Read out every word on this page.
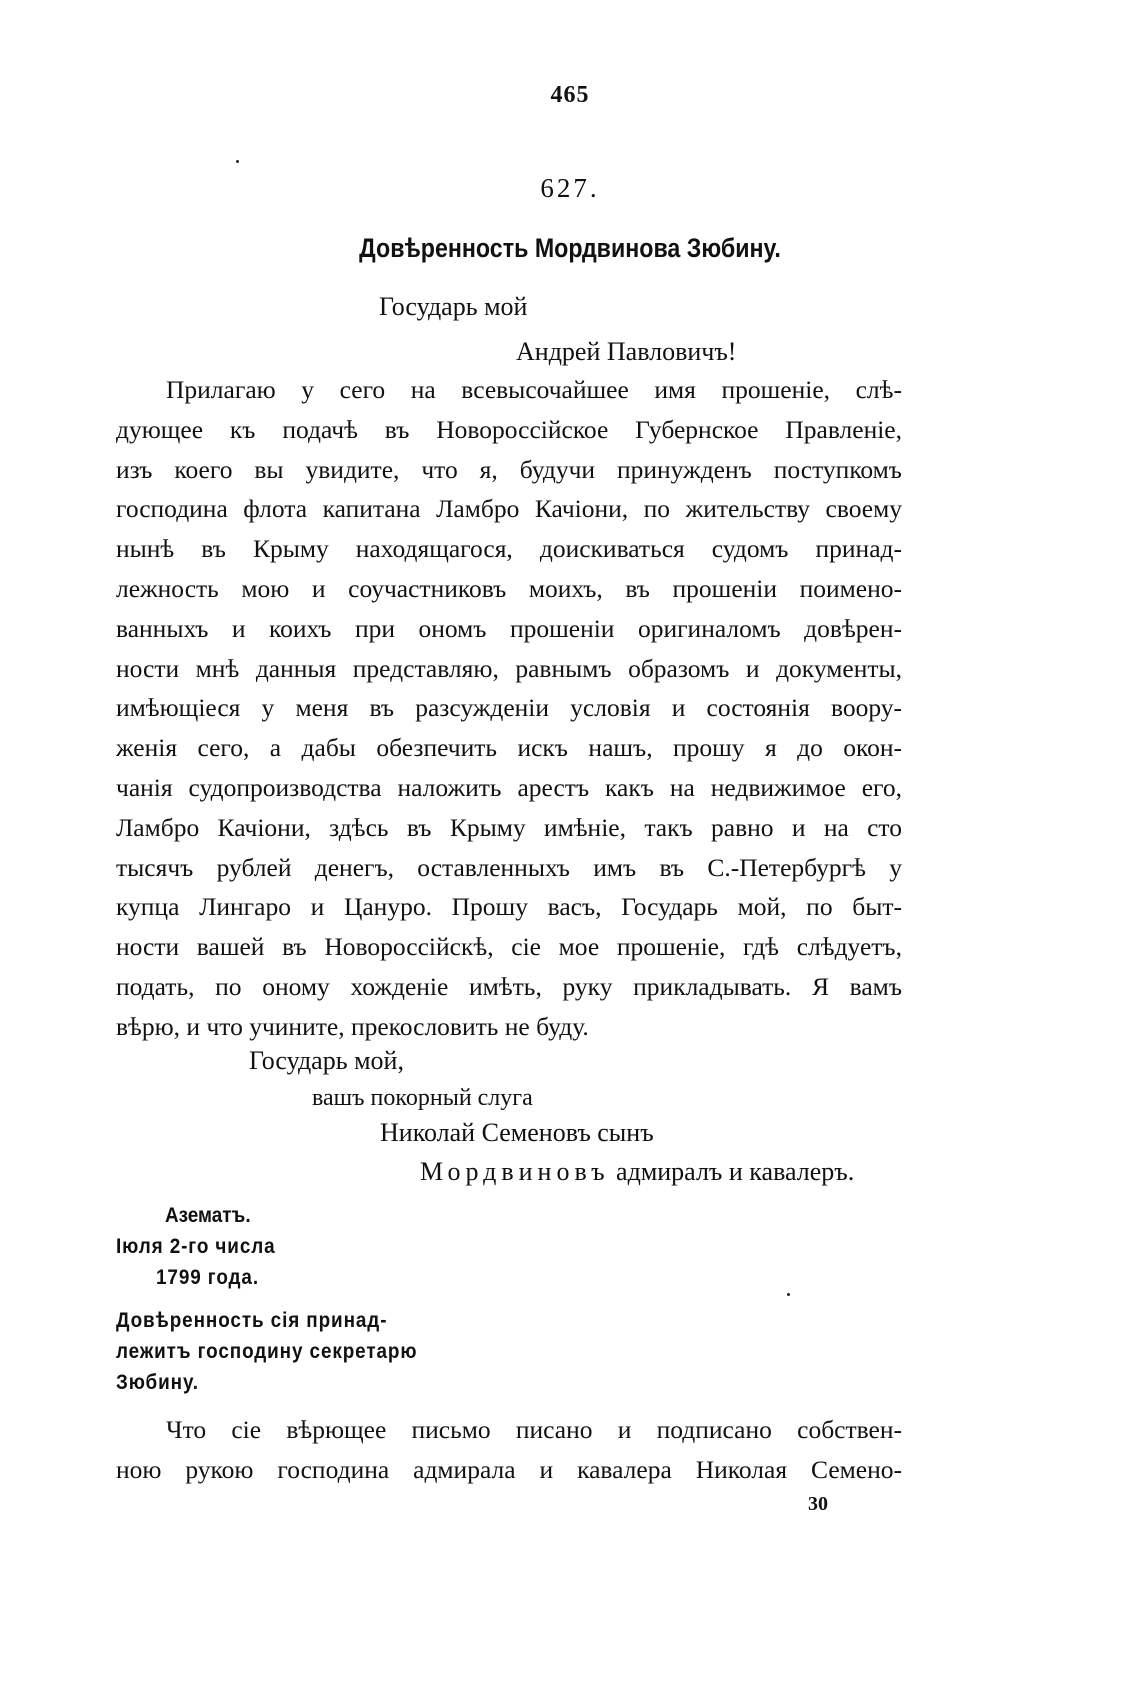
465
627.
Довѣренность Мордвинова Зюбину.
Государь мой
Андрей Павловичъ!
Прилагаю у сего на всевысочайшее имя прошеніе, слѣ-
дующее къ подачѣ въ Новороссійское Губернское Правленіе,
изъ коего вы увидите, что я, будучи принужденъ поступкомъ
господина флота капитана Ламбро Качіони, по жительству своему
нынѣ въ Крыму находящагося, доискиваться судомъ принад-
лежность мою и соучастниковъ моихъ, въ прошеніи поимено-
ванныхъ и коихъ при ономъ прошеніи оригиналомъ довѣрен-
ности мнѣ данныя представляю, равнымъ образомъ и документы,
имѣющіеся у меня въ разсужденіи условія и состоянія воору-
женія сего, а дабы обезпечить искъ нашъ, прошу я до окон-
чанія судопроизводства наложить арестъ какъ на недвижимое его,
Ламбро Качіони, здѣсь въ Крыму имѣніе, такъ равно и на сто
тысячъ рублей денегъ, оставленныхъ имъ въ С.-Петербургѣ у
купца Лингаро и Цануро. Прошу васъ, Государь мой, по быт-
ности вашей въ Новороссійскѣ, сіе мое прошеніе, гдѣ слѣдуетъ,
подать, по оному хожденіе имѣть, руку прикладывать. Я вамъ
вѣрю, и что учините, прекословить не буду.
Государь мой,
вашъ покорный слуга
Николай Семеновъ сынъ
Мордвиновъ адмиралъ и кавалеръ.
Азематъ.
Іюля 2-го числа
1799 года.
Довѣренность сія принад-
лежитъ господину секретарю
Зюбину.
Что сіе вѣрющее письмо писано и подписано собствен-
ною рукою господина адмирала и кавалера Николая Семено-
30
